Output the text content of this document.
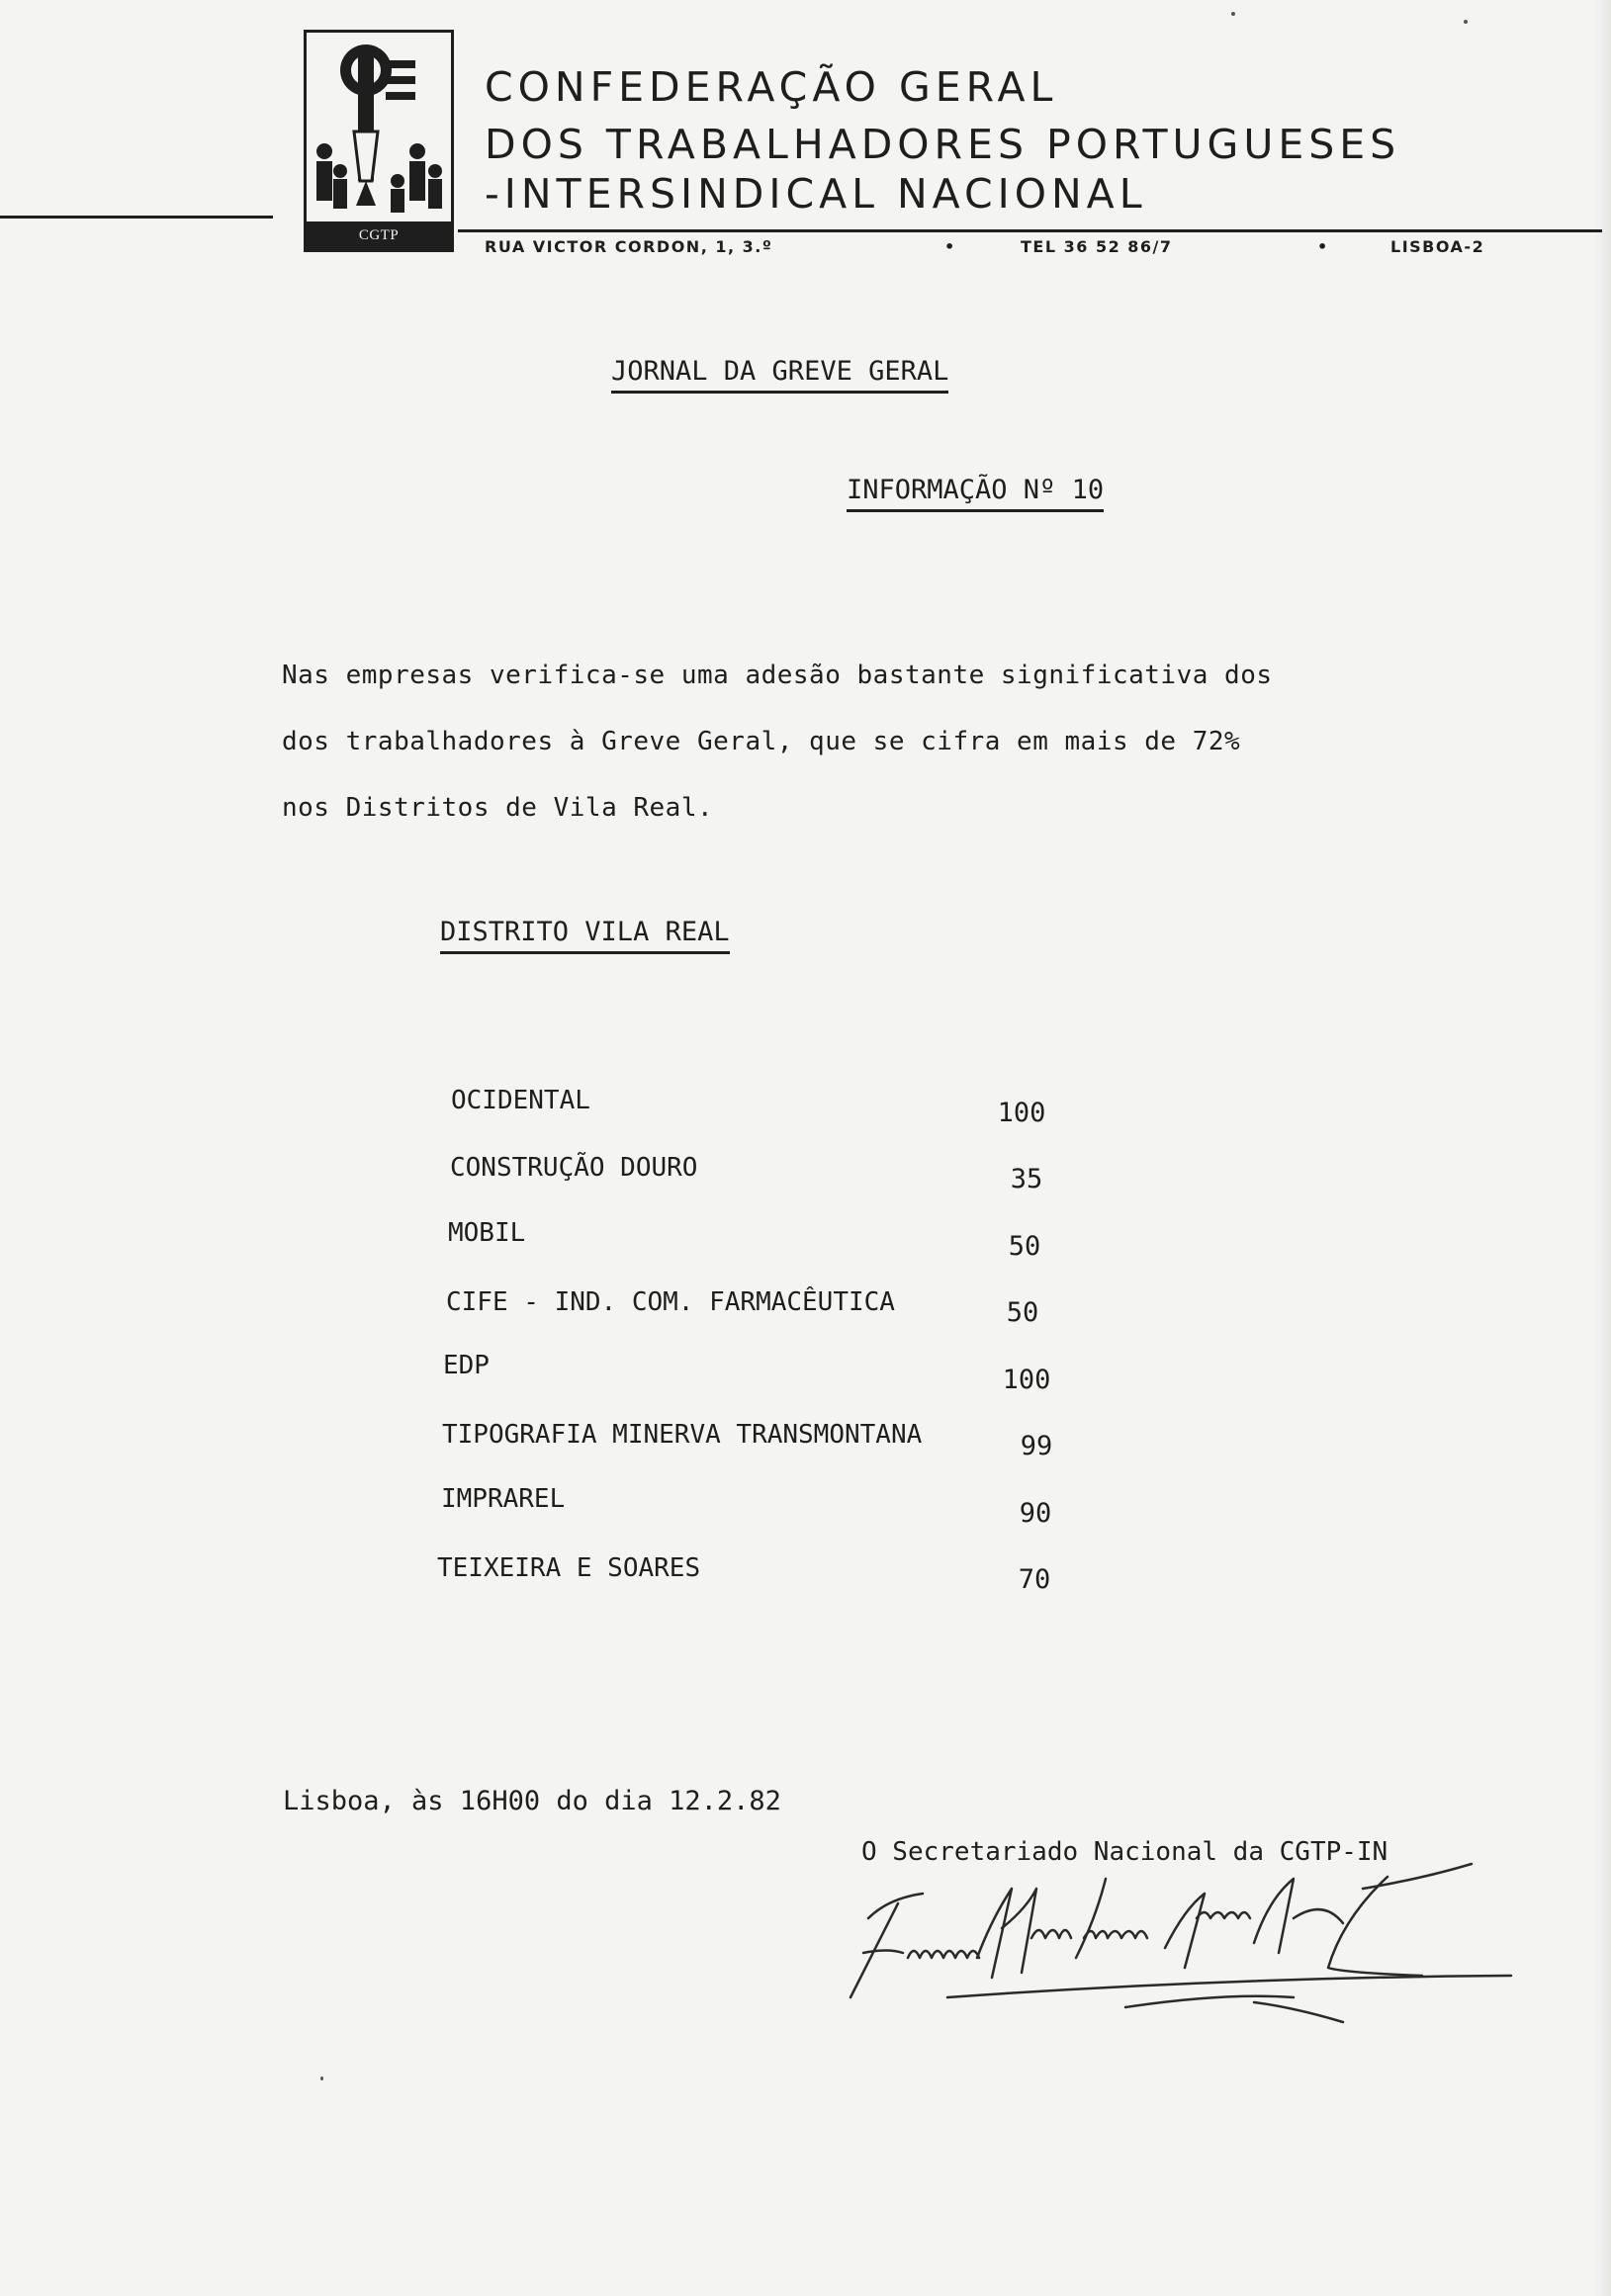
CGTP INTERSINDICAL
CONFEDERAÇÃO GERAL
DOS TRABALHADORES PORTUGUESES
-INTERSINDICAL NACIONAL
RUA VICTOR CORDON, 1, 3.º	•	TEL 36 52 86/7	•	LISBOA-2
JORNAL DA GREVE GERAL
INFORMAÇÃO Nº 10
Nas empresas verifica-se uma adesão bastante significativa dos
dos trabalhadores à Greve Geral, que se cifra em mais de 72%
nos Distritos de Vila Real.
DISTRITO VILA REAL
OCIDENTAL	100
CONSTRUÇÃO DOURO	35
MOBIL	50
CIFE - IND. COM. FARMACÊUTICA	50
EDP	100
TIPOGRAFIA MINERVA TRANSMONTANA	99
IMPRAREL	90
TEIXEIRA E SOARES	70
Lisboa, às 16H00 do dia 12.2.82
O Secretariado Nacional da CGTP-IN
